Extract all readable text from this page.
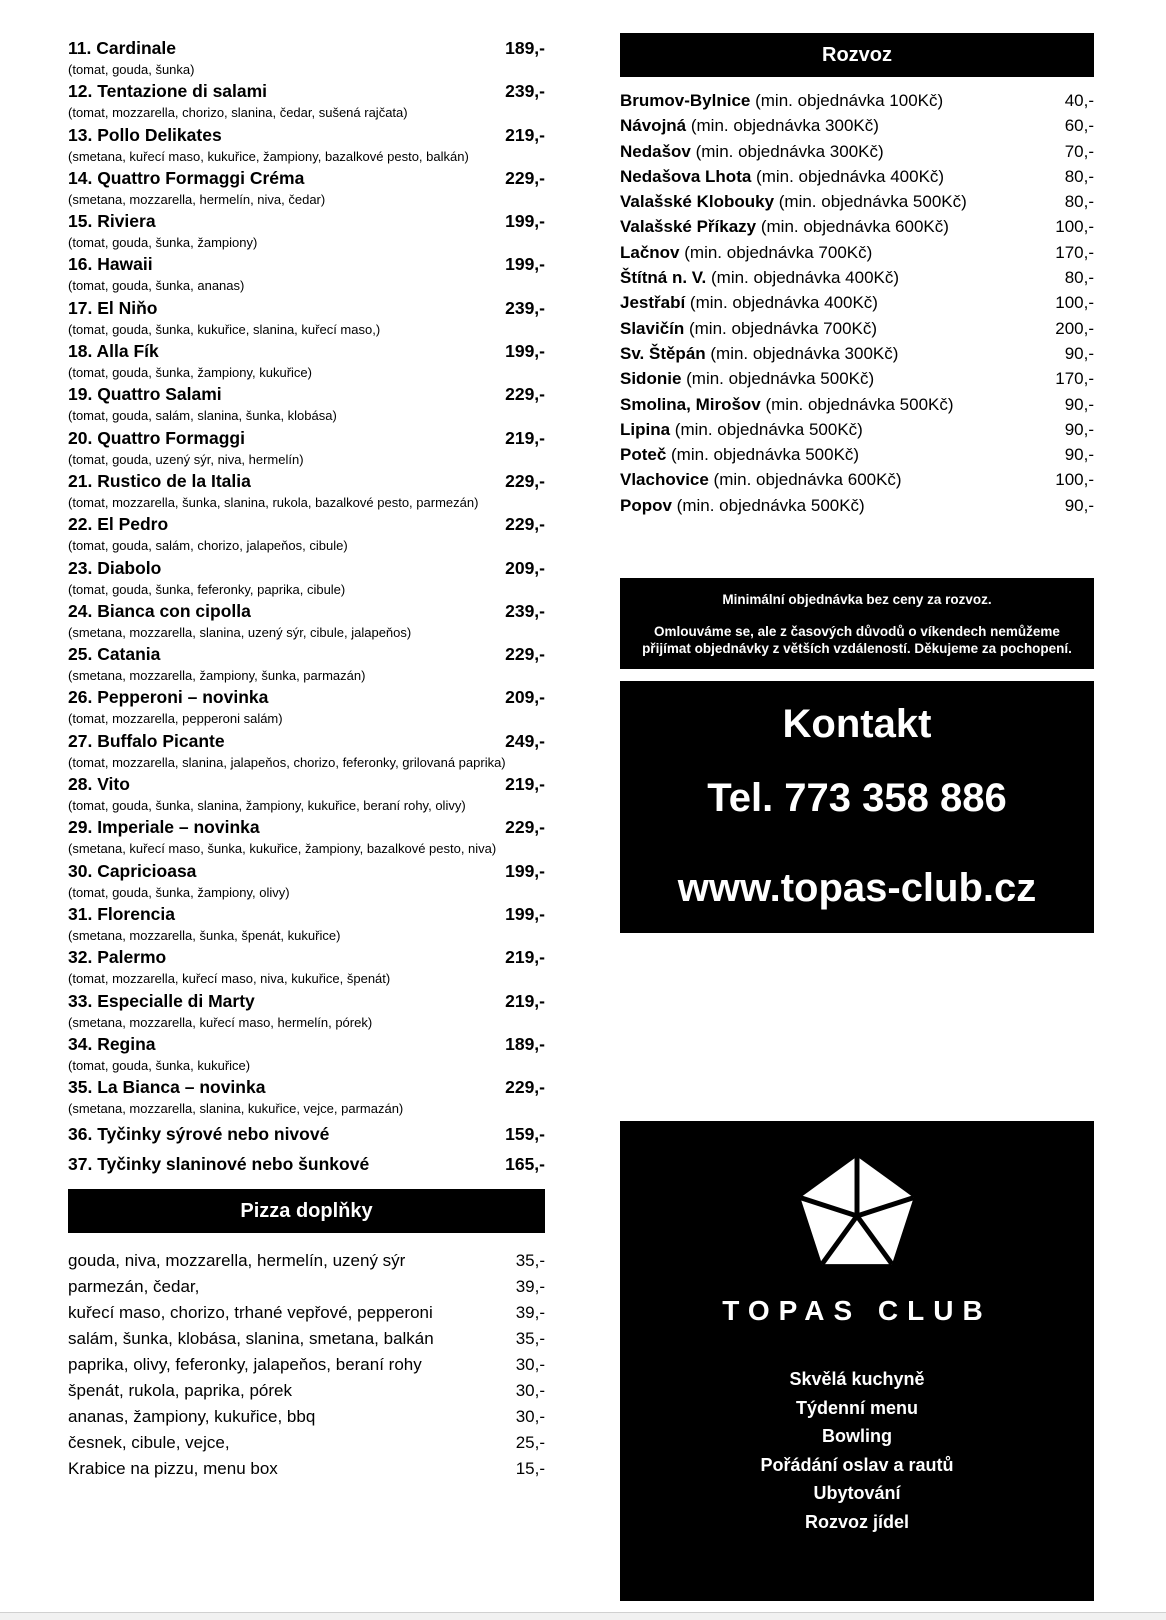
11. Cardinale	189,-
(tomat, gouda, šunka)
12. Tentazione di salami	239,-
(tomat, mozzarella, chorizo, slanina, čedar, sušená rajčata)
13. Pollo Delikates	219,-
(smetana, kuřecí maso, kukuřice, žampiony, bazalkové pesto, balkán)
14. Quattro Formaggi Créma	229,-
(smetana, mozzarella, hermelín, niva, čedar)
15. Riviera	199,-
(tomat, gouda, šunka, žampiony)
16. Hawaii	199,-
(tomat, gouda, šunka, ananas)
17. El Niňo	239,-
(tomat, gouda, šunka, kukuřice, slanina, kuřecí maso,)
18. Alla Fík	199,-
(tomat, gouda, šunka, žampiony, kukuřice)
19. Quattro Salami	229,-
(tomat, gouda, salám, slanina, šunka, klobása)
20. Quattro Formaggi	219,-
(tomat, gouda, uzený sýr, niva, hermelín)
21. Rustico de la Italia	229,-
(tomat, mozzarella, šunka, slanina, rukola, bazalkové pesto, parmezán)
22. El Pedro	229,-
(tomat, gouda, salám, chorizo, jalapeňos, cibule)
23. Diabolo	209,-
(tomat, gouda, šunka, feferonky, paprika, cibule)
24. Bianca con cipolla	239,-
(smetana, mozzarella, slanina, uzený sýr, cibule, jalapeňos)
25. Catania	229,-
(smetana, mozzarella, žampiony, šunka, parmazán)
26. Pepperoni – novinka	209,-
(tomat, mozzarella, pepperoni salám)
27. Buffalo Picante	249,-
(tomat, mozzarella, slanina, jalapeňos, chorizo, feferonky, grilovaná paprika)
28. Vito	219,-
(tomat, gouda, šunka, slanina, žampiony, kukuřice, beraní rohy, olivy)
29. Imperiale – novinka	229,-
(smetana, kuřecí maso, šunka, kukuřice, žampiony, bazalkové pesto, niva)
30. Capricioasa	199,-
(tomat, gouda, šunka, žampiony, olivy)
31. Florencia	199,-
(smetana, mozzarella, šunka, špenát, kukuřice)
32. Palermo	219,-
(tomat, mozzarella, kuřecí maso, niva, kukuřice, špenát)
33. Especialle di Marty	219,-
(smetana, mozzarella, kuřecí maso, hermelín, pórek)
34. Regina	189,-
(tomat, gouda, šunka, kukuřice)
35. La Bianca – novinka	229,-
(smetana, mozzarella, slanina, kukuřice, vejce, parmazán)
36. Tyčinky sýrové nebo nivové	159,-
37. Tyčinky slaninové nebo šunkové	165,-
Pizza doplňky
gouda, niva, mozzarella, hermelín, uzený sýr	35,-
parmezán, čedar,	39,-
kuřecí maso, chorizo, trhané vepřové, pepperoni	39,-
salám, šunka, klobása, slanina, smetana, balkán	35,-
paprika, olivy, feferonky, jalapeňos, beraní rohy	30,-
špenát, rukola, paprika, pórek	30,-
ananas, žampiony, kukuřice, bbq	30,-
česnek, cibule, vejce,	25,-
Krabice na pizzu, menu box	15,-
Rozvoz
Brumov-Bylnice (min. objednávka 100Kč)	40,-
Návojná (min. objednávka 300Kč)	60,-
Nedašov (min. objednávka 300Kč)	70,-
Nedašova Lhota (min. objednávka 400Kč)	80,-
Valašské Klobouky (min. objednávka 500Kč)	80,-
Valašské Příkazy (min. objednávka 600Kč)	100,-
Lačnov (min. objednávka 700Kč)	170,-
Štítná n. V. (min. objednávka 400Kč)	80,-
Jestřabí (min. objednávka 400Kč)	100,-
Slavičín (min. objednávka 700Kč)	200,-
Sv. Štěpán (min. objednávka 300Kč)	90,-
Sidonie (min. objednávka 500Kč)	170,-
Smolina, Mirošov (min. objednávka 500Kč)	90,-
Lipina (min. objednávka 500Kč)	90,-
Poteč (min. objednávka 500Kč)	90,-
Vlachovice (min. objednávka 600Kč)	100,-
Popov (min. objednávka 500Kč)	90,-
Minimální objednávka bez ceny za rozvoz.
Omlouváme se, ale z časových důvodů o víkendech nemůžeme přijímat objednávky z větších vzdáleností. Děkujeme za pochopení.
Kontakt
Tel. 773 358 886
www.topas-club.cz
TOPAS CLUB
Skvělá kuchyně
Týdenní menu
Bowling
Pořádání oslav a rautů
Ubytování
Rozvoz jídel
